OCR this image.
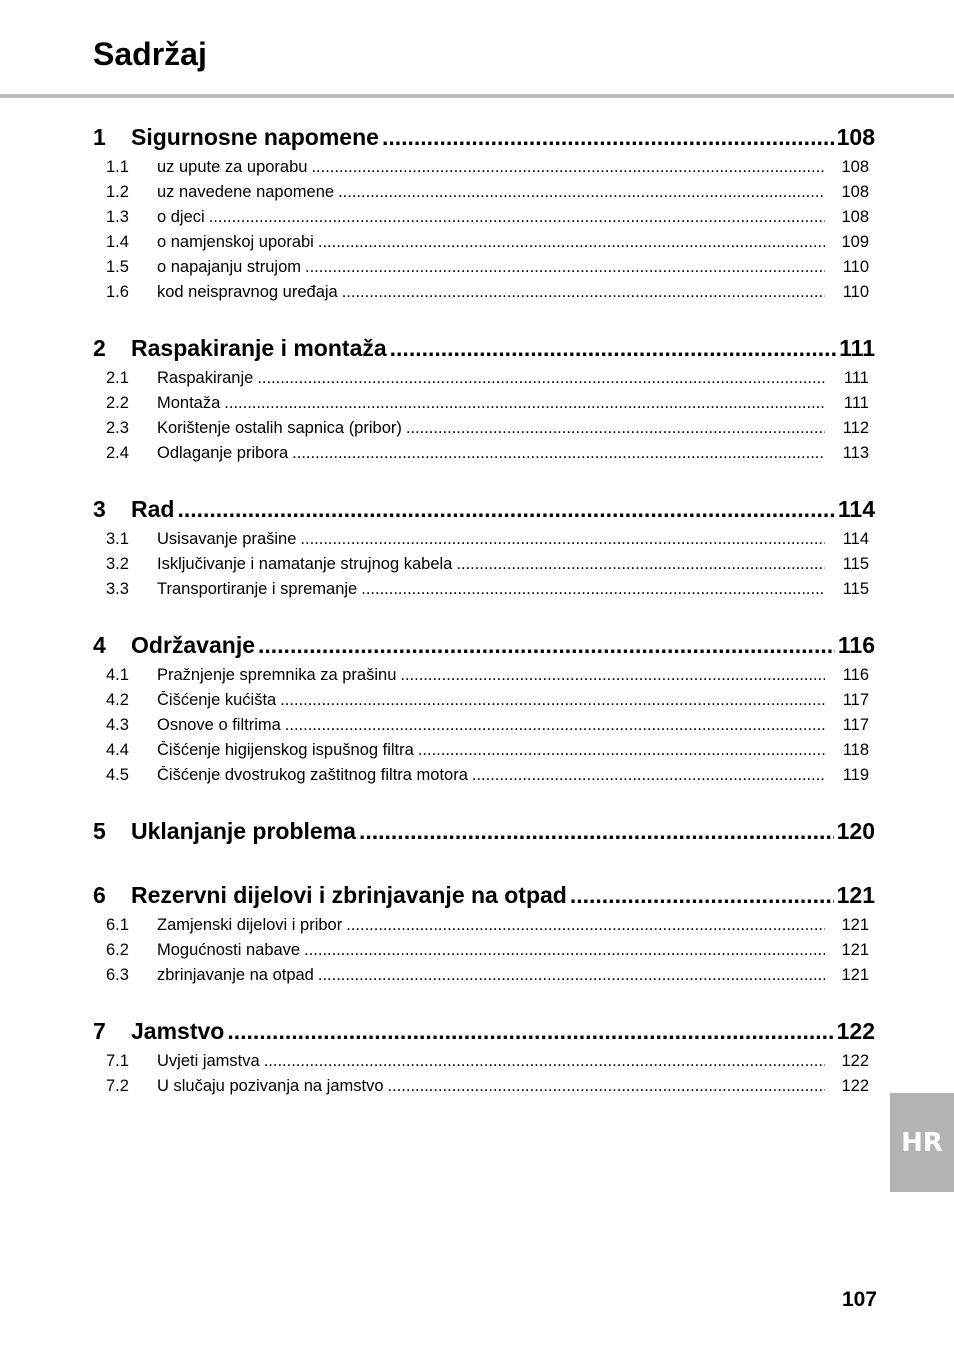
Sadržaj
1	Sigurnosne napomene .....	108
1.1	uz upute za uporabu .....	108
1.2	uz navedene napomene .....	108
1.3	o djeci .....	108
1.4	o namjenskoj uporabi .....	109
1.5	o napajanju strujom .....	110
1.6	kod neispravnog uređaja .....	110
2	Raspakiranje i montaža .....	111
2.1	Raspakiranje .....	111
2.2	Montaža .....	111
2.3	Korištenje ostalih sapnica (pribor) .....	112
2.4	Odlaganje pribora .....	113
3	Rad .....	114
3.1	Usisavanje prašine .....	114
3.2	Isključivanje i namatanje strujnog kabela .....	115
3.3	Transportiranje i spremanje .....	115
4	Održavanje .....	116
4.1	Pražnjenje spremnika za prašinu .....	116
4.2	Čišćenje kućišta .....	117
4.3	Osnove o filtrima .....	117
4.4	Čišćenje higijenskog ispušnog filtra .....	118
4.5	Čišćenje dvostrukog zaštitnog filtra motora .....	119
5	Uklanjanje problema .....	120
6	Rezervni dijelovi i zbrinjavanje na otpad .....	121
6.1	Zamjenski dijelovi i pribor .....	121
6.2	Mogućnosti nabave .....	121
6.3	zbrinjavanje na otpad .....	121
7	Jamstvo .....	122
7.1	Uvjeti jamstva .....	122
7.2	U slučaju pozivanja na jamstvo .....	122
HR
107
